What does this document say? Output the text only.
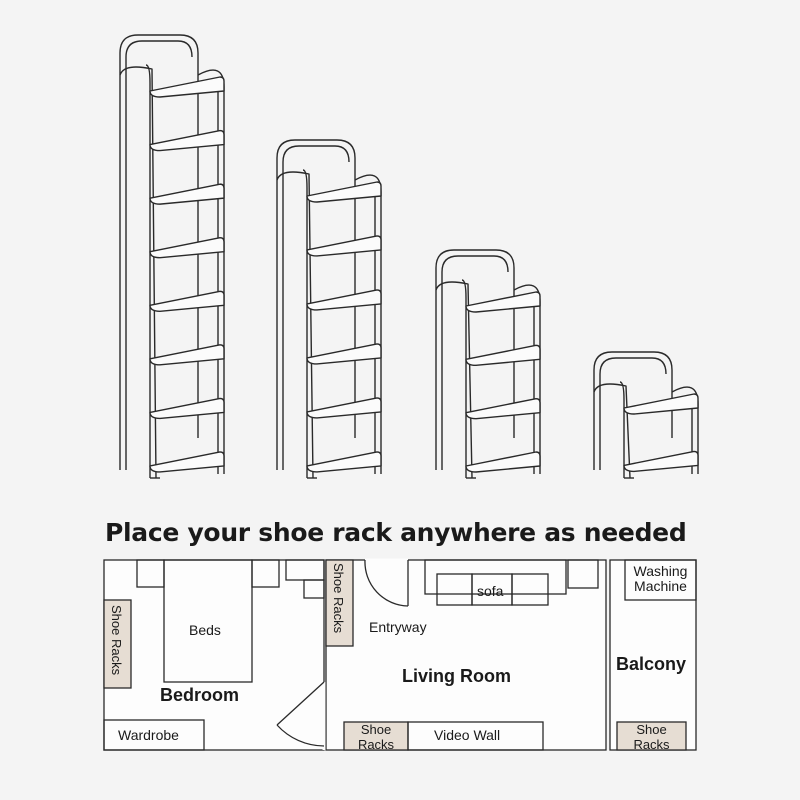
Place your shoe rack anywhere as needed
Shoe Racks	Beds
Bedroom
Wardrobe
Shoe Racks Entryway
sofa
Living Room
Shoe
Racks
Video Wall
Washing
Machine
Balcony
Shoe
Racks
